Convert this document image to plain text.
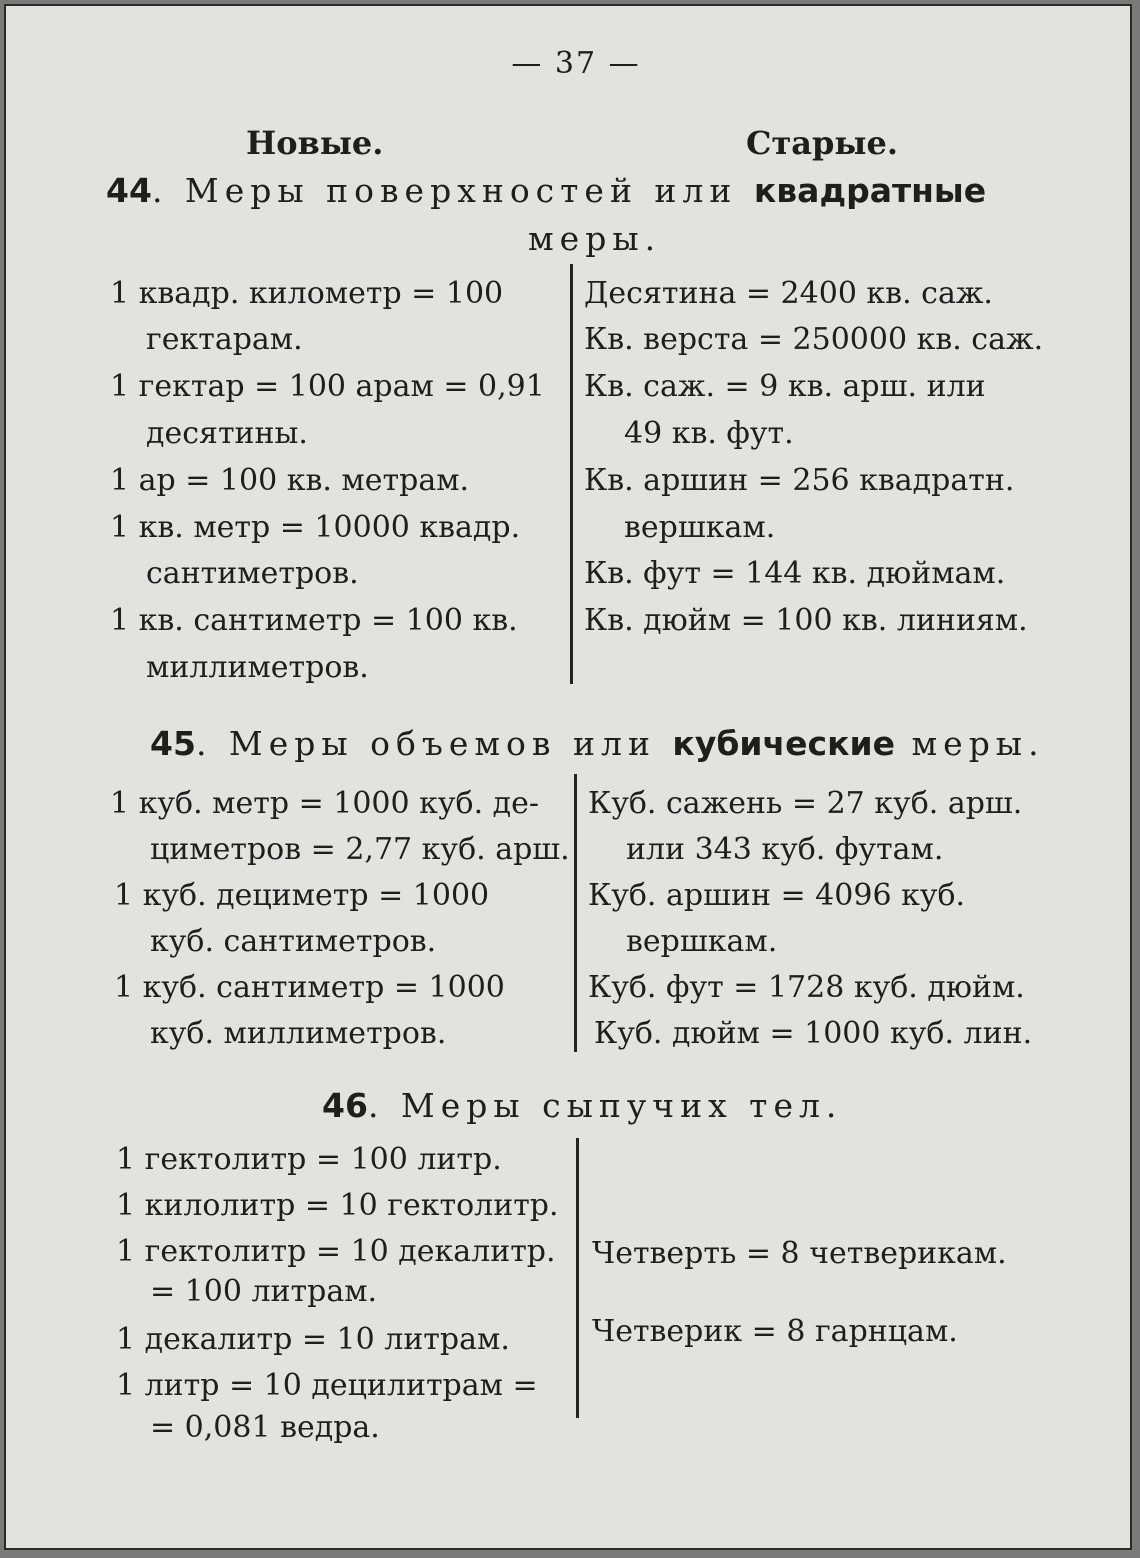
— 37 —
Новые.	Старые.
44. Меры поверхностей или квадратные
меры.
1 квадр. километр = 100
гектарам.
1 гектар = 100 арам = 0,91
десятины.
1 ар = 100 кв. метрам.
1 кв. метр = 10000 квадр.
сантиметров.
1 кв. сантиметр = 100 кв.
миллиметров.
Десятина = 2400 кв. саж.
Кв. верста = 250000 кв. саж.
Кв. саж. = 9 кв. арш. или
49 кв. фут.
Кв. аршин = 256 квадратн.
вершкам.
Кв. фут = 144 кв. дюймам.
Кв. дюйм = 100 кв. линиям.
45. Меры объемов или кубические меры.
1 куб. метр = 1000 куб. де-
циметров = 2,77 куб. арш.
1 куб. дециметр = 1000
куб. сантиметров.
1 куб. сантиметр = 1000
куб. миллиметров.
Куб. сажень = 27 куб. арш.
или 343 куб. футам.
Куб. аршин = 4096 куб.
вершкам.
Куб. фут = 1728 куб. дюйм.
Куб. дюйм = 1000 куб. лин.
46. Меры сыпучих тел.
1 гектолитр = 100 литр.
1 килолитр = 10 гектолитр.
1 гектолитр = 10 декалитр.
= 100 литрам.
1 декалитр = 10 литрам.
1 литр = 10 децилитрам =
= 0,081 ведра.
Четверть = 8 четверикам.
Четверик = 8 гарнцам.
